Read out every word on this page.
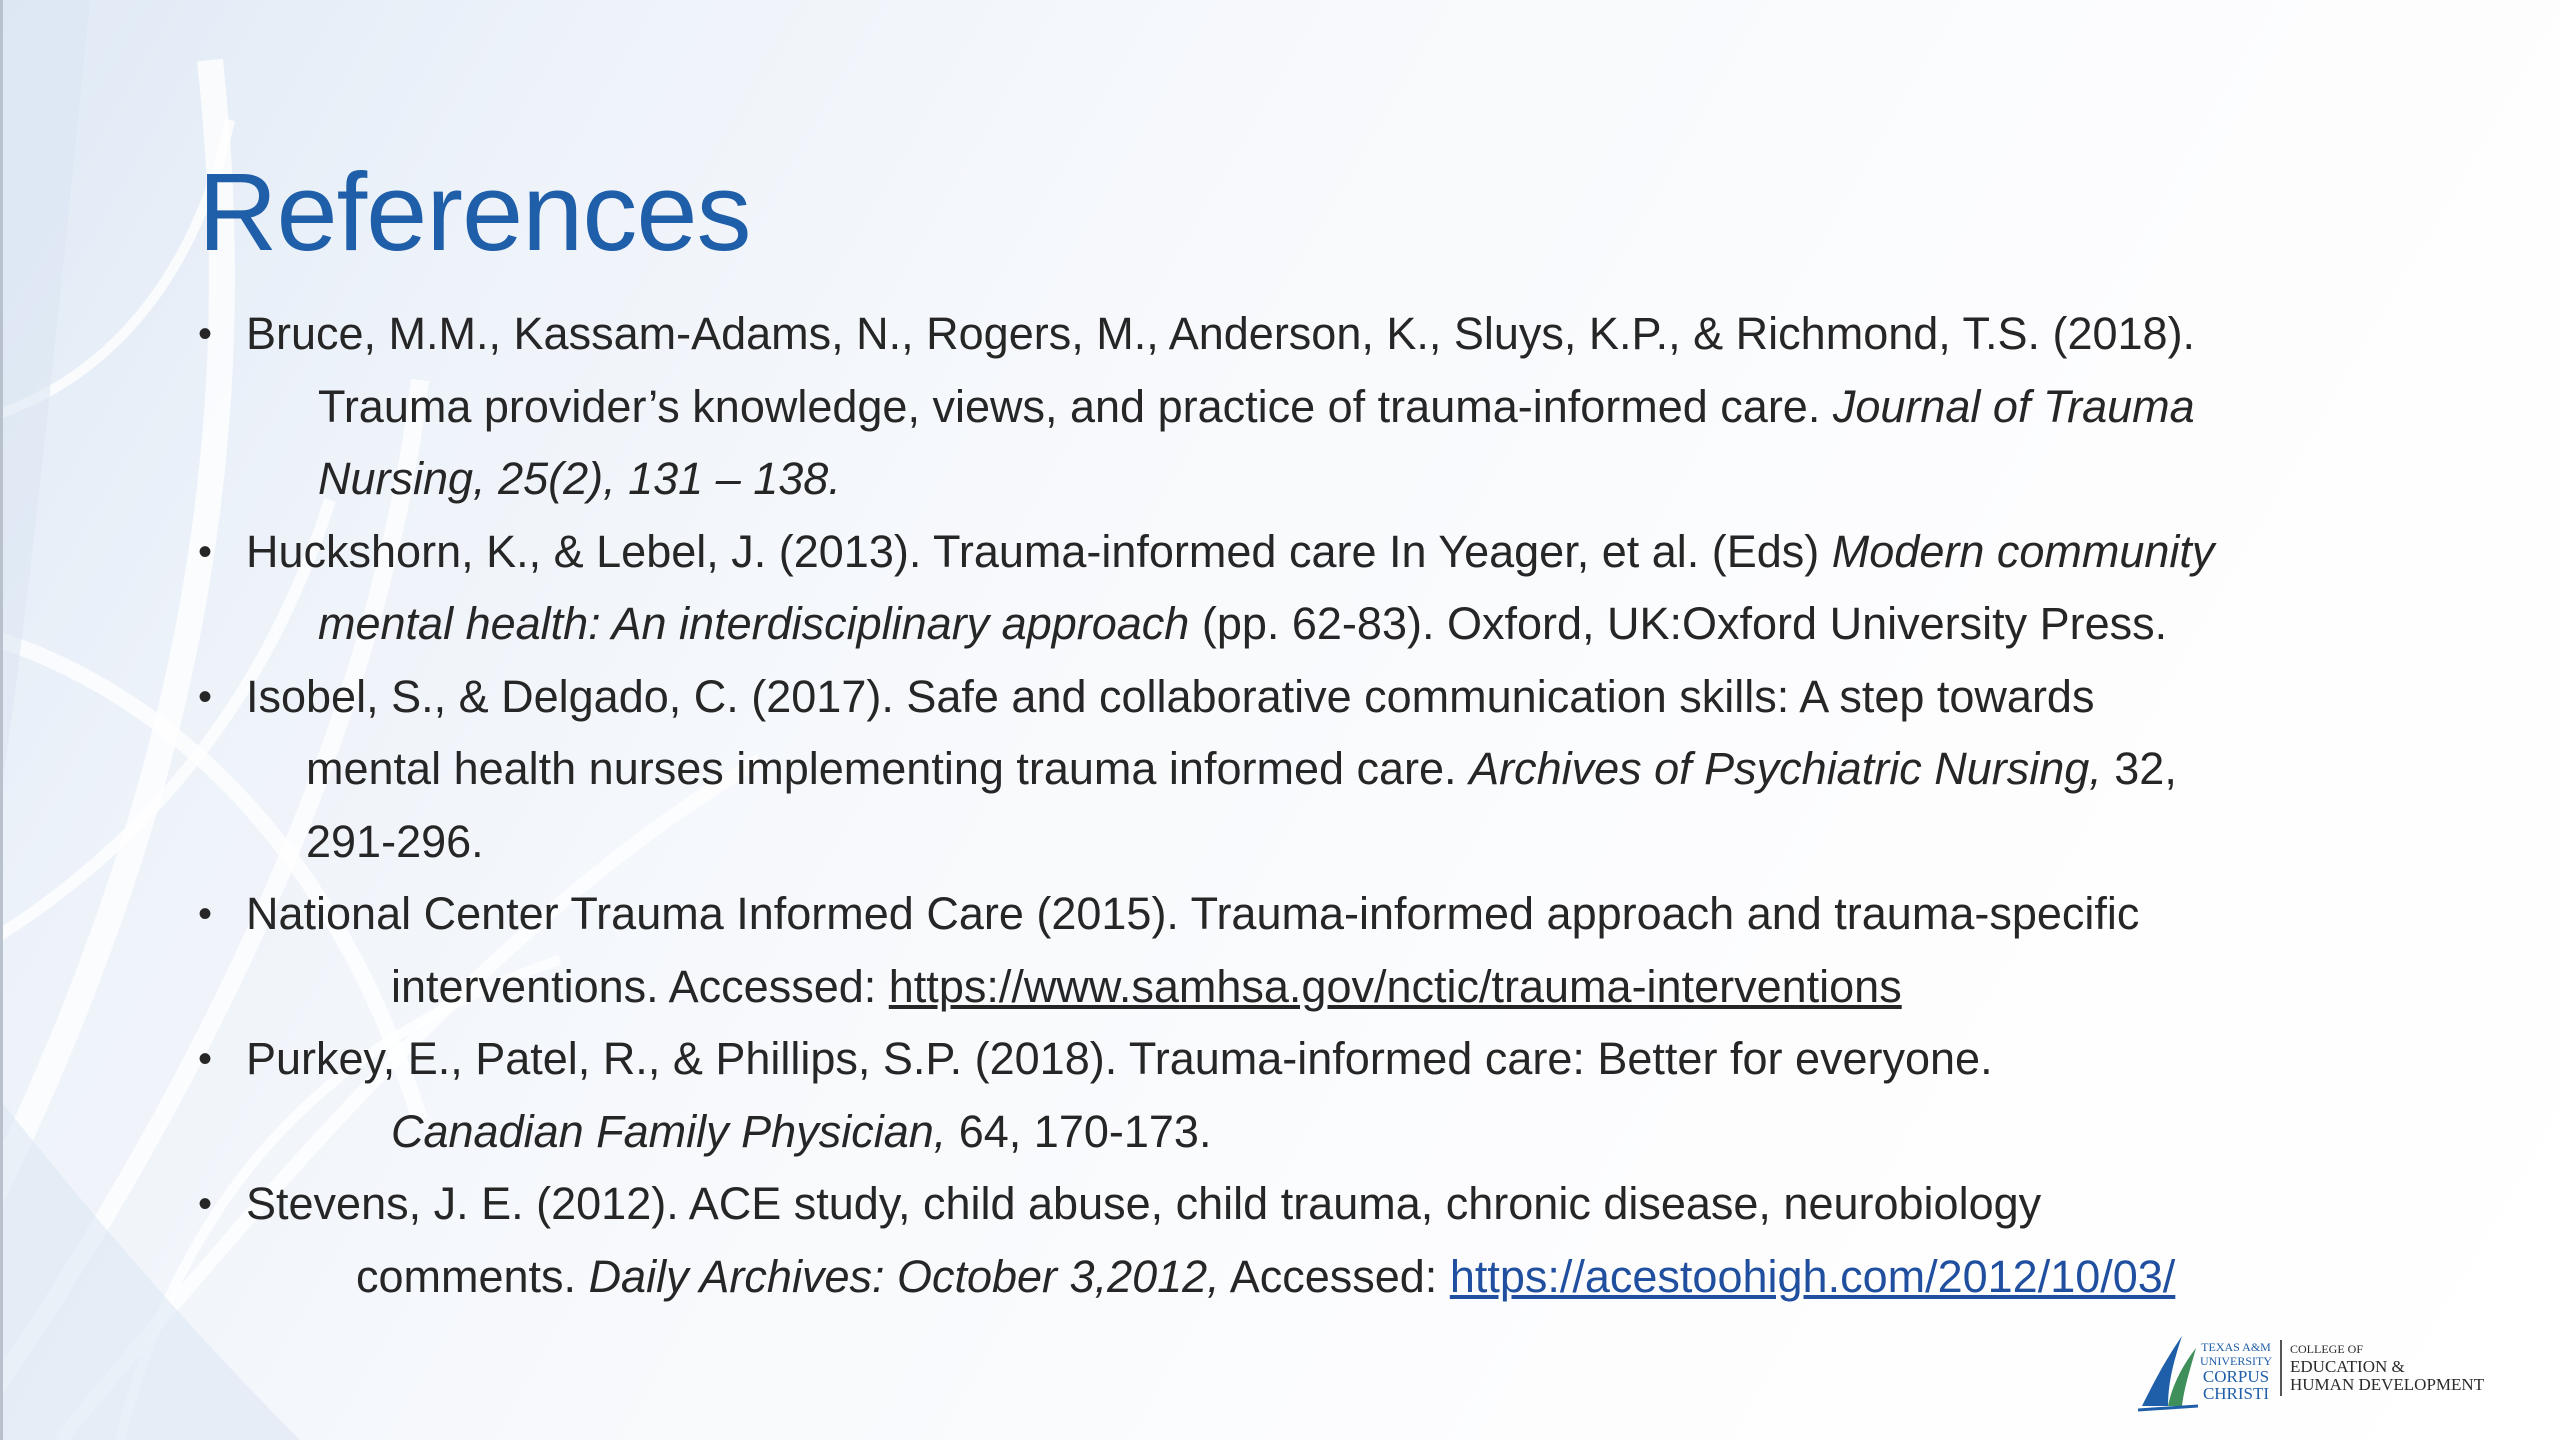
References
• Bruce, M.M., Kassam-Adams, N., Rogers, M., Anderson, K., Sluys, K.P., & Richmond, T.S. (2018).
Trauma provider’s knowledge, views, and practice of trauma-informed care. Journal of Trauma
Nursing, 25(2), 131 – 138.
• Huckshorn, K., & Lebel, J. (2013). Trauma-informed care In Yeager, et al. (Eds) Modern community
mental health: An interdisciplinary approach (pp. 62-83). Oxford, UK:Oxford University Press.
• Isobel, S., & Delgado, C. (2017). Safe and collaborative communication skills: A step towards
mental health nurses implementing trauma informed care. Archives of Psychiatric Nursing, 32,
291-296.
• National Center Trauma Informed Care (2015). Trauma-informed approach and trauma-specific
interventions. Accessed: https://www.samhsa.gov/nctic/trauma-interventions
• Purkey, E., Patel, R., & Phillips, S.P. (2018). Trauma-informed care: Better for everyone.
Canadian Family Physician, 64, 170-173.
• Stevens, J. E. (2012). ACE study, child abuse, child trauma, chronic disease, neurobiology
comments. Daily Archives: October 3,2012, Accessed: https://acestoohigh.com/2012/10/03/
TEXAS A&M
UNIVERSITY

CORPUS
CHRISTI
COLLEGE OF
EDUCATION &
HUMAN DEVELOPMENT
